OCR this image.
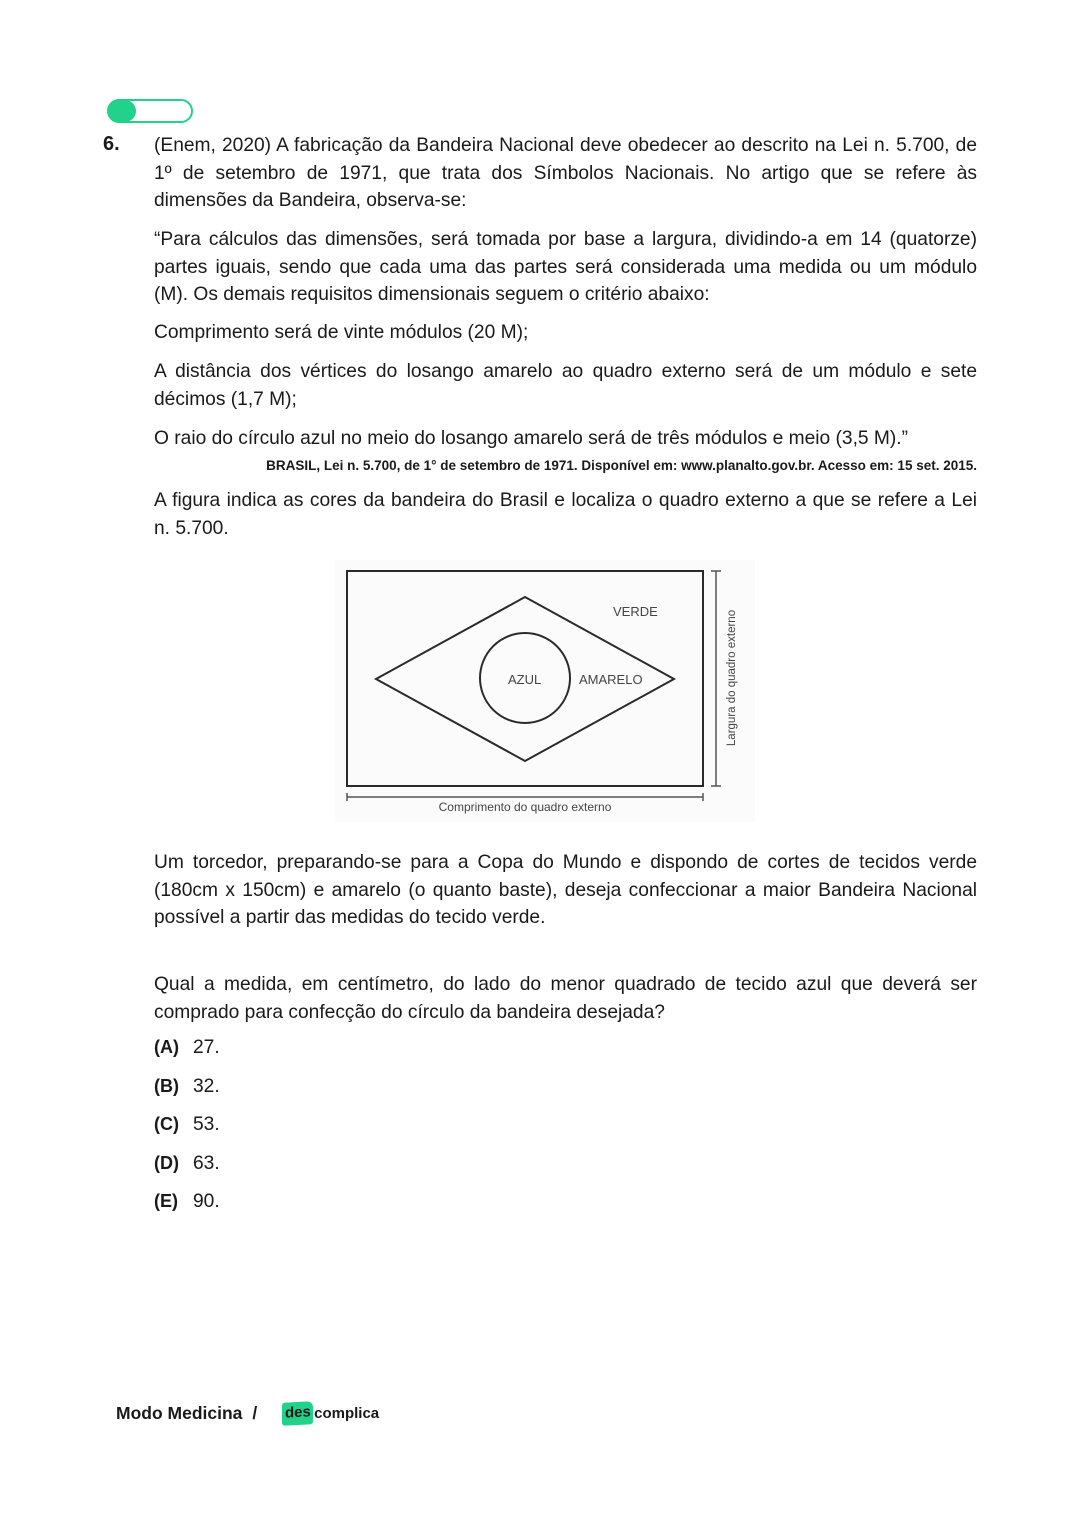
6. (Enem, 2020) A fabricação da Bandeira Nacional deve obedecer ao descrito na Lei n. 5.700, de 1º de setembro de 1971, que trata dos Símbolos Nacionais. No artigo que se refere às dimensões da Bandeira, observa-se:

“Para cálculos das dimensões, será tomada por base a largura, dividindo-a em 14 (quatorze) partes iguais, sendo que cada uma das partes será considerada uma medida ou um módulo (M). Os demais requisitos dimensionais seguem o critério abaixo:

Comprimento será de vinte módulos (20 M);

A distância dos vértices do losango amarelo ao quadro externo será de um módulo e sete décimos (1,7 M);

O raio do círculo azul no meio do losango amarelo será de três módulos e meio (3,5 M).”

BRASIL, Lei n. 5.700, de 1° de setembro de 1971. Disponível em: www.planalto.gov.br. Acesso em: 15 set. 2015.

A figura indica as cores da bandeira do Brasil e localiza o quadro externo a que se refere a Lei n. 5.700.

VERDE
AZUL	AMARELO	Largura do quadro externo
Comprimento do quadro externo

Um torcedor, preparando-se para a Copa do Mundo e dispondo de cortes de tecidos verde (180cm x 150cm) e amarelo (o quanto baste), deseja confeccionar a maior Bandeira Nacional possível a partir das medidas do tecido verde.

Qual a medida, em centímetro, do lado do menor quadrado de tecido azul que deverá ser comprado para confecção do círculo da bandeira desejada?

(A) 27.
(B) 32.
(C) 53.
(D) 63.
(E) 90.
Modo Medicina / des complica
